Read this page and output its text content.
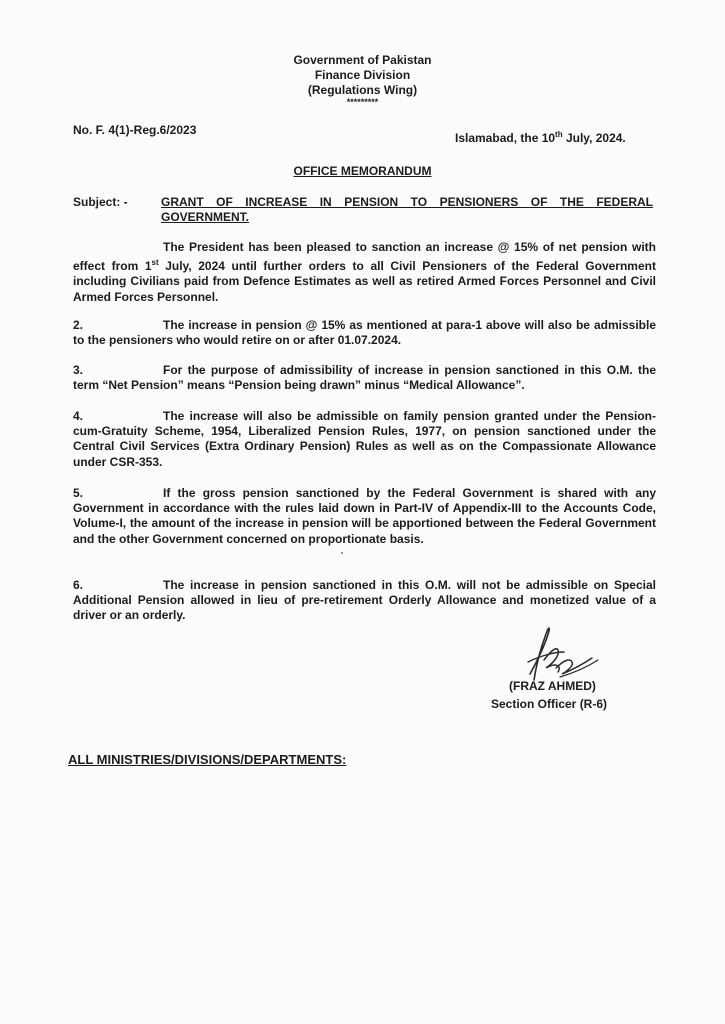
Government of Pakistan
Finance Division
(Regulations Wing)
*********
No. F. 4(1)-Reg.6/2023
Islamabad, the 10th July, 2024.
OFFICE MEMORANDUM
Subject: -	GRANT OF INCREASE IN PENSION TO PENSIONERS OF THE FEDERAL GOVERNMENT.
The President has been pleased to sanction an increase @ 15% of net pension with effect from 1st July, 2024 until further orders to all Civil Pensioners of the Federal Government including Civilians paid from Defence Estimates as well as retired Armed Forces Personnel and Civil Armed Forces Personnel.
2.	The increase in pension @ 15% as mentioned at para-1 above will also be admissible to the pensioners who would retire on or after 01.07.2024.
3.	For the purpose of admissibility of increase in pension sanctioned in this O.M. the term “Net Pension” means “Pension being drawn” minus “Medical Allowance”.
4.	The increase will also be admissible on family pension granted under the Pension-cum-Gratuity Scheme, 1954, Liberalized Pension Rules, 1977, on pension sanctioned under the Central Civil Services (Extra Ordinary Pension) Rules as well as on the Compassionate Allowance under CSR-353.
5.	If the gross pension sanctioned by the Federal Government is shared with any Government in accordance with the rules laid down in Part-IV of Appendix-III to the Accounts Code, Volume-I, the amount of the increase in pension will be apportioned between the Federal Government and the other Government concerned on proportionate basis.
6.	The increase in pension sanctioned in this O.M. will not be admissible on Special Additional Pension allowed in lieu of pre-retirement Orderly Allowance and monetized value of a driver or an orderly.
(FRAZ AHMED)
Section Officer (R-6)
ALL MINISTRIES/DIVISIONS/DEPARTMENTS:
